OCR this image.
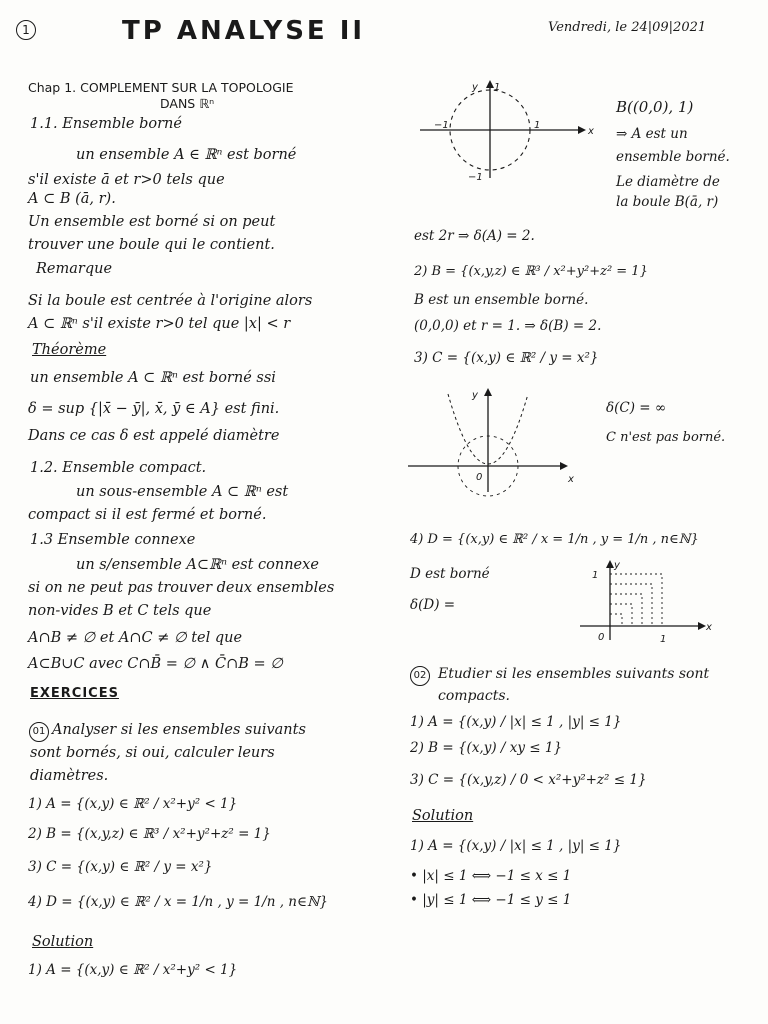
1	TP ANALYSE II	Vendredi, le 24|09|2021
Chap 1. COMPLEMENT SUR LA TOPOLOGIE
DANS ℝⁿ
1.1. Ensemble borné
un ensemble A ∈ ℝⁿ est borné
s'il existe ā et r>0 tels que
A ⊂ B (ā, r).
Un ensemble est borné si on peut
trouver une boule qui le contient.
Remarque
Si la boule est centrée à l'origine alors
A ⊂ ℝⁿ s'il existe r>0 tel que |x| < r
Théorème
un ensemble A ⊂ ℝⁿ est borné ssi
δ = sup {|x̄ − ȳ|, x̄, ȳ ∈ A} est fini.
Dans ce cas δ est appelé diamètre
1.2. Ensemble compact.
un sous-ensemble A ⊂ ℝⁿ est
compact si il est fermé et borné.
1.3 Ensemble connexe
un s/ensemble A⊂ℝⁿ est connexe
si on ne peut pas trouver deux ensembles
non-vides B et C tels que
A∩B ≠ ∅ et A∩C ≠ ∅ tel que
A⊂B∪C avec C∩B̄ = ∅ ∧ C̄∩B = ∅
EXERCICES
01 Analyser si les ensembles suivants
sont bornés, si oui, calculer leurs
diamètres.
1) A = {(x,y) ∈ ℝ² / x²+y² < 1}
2) B = {(x,y,z) ∈ ℝ³ / x²+y²+z² = 1}
3) C = {(x,y) ∈ ℝ² / y = x²}
4) D = {(x,y) ∈ ℝ² / x = 1/n , y = 1/n , n∈ℕ}
Solution
1) A = {(x,y) ∈ ℝ² / x²+y² < 1}
y 1
−1	1
−1
x
B((0,0), 1)
⇒ A est un
ensemble borné.
Le diamètre de
la boule B(ā, r)
est 2r ⇒ δ(A) = 2.
2) B = {(x,y,z) ∈ ℝ³ / x²+y²+z² = 1}
B est un ensemble borné.
(0,0,0) et r = 1. ⇒ δ(B) = 2.
3) C = {(x,y) ∈ ℝ² / y = x²}
y
0	x
δ(C) = ∞
C n'est pas borné.
4) D = {(x,y) ∈ ℝ² / x = 1/n , y = 1/n , n∈ℕ}
D est borné
δ(D) =
1
y
0	1
x
02 Etudier si les ensembles suivants sont
compacts.
1) A = {(x,y) / |x| ≤ 1 , |y| ≤ 1}
2) B = {(x,y) / xy ≤ 1}
3) C = {(x,y,z) / 0 < x²+y²+z² ≤ 1}
Solution
1) A = {(x,y) / |x| ≤ 1 , |y| ≤ 1}
• |x| ≤ 1 ⟺ −1 ≤ x ≤ 1
• |y| ≤ 1 ⟺ −1 ≤ y ≤ 1
